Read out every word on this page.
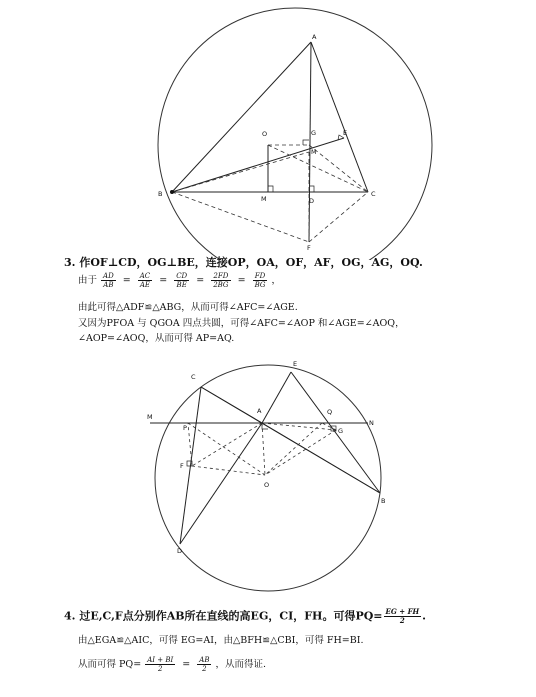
A
B	C
D
E
F
G
M
M
O
3. 作OF⊥CD，OG⊥BE，连接OP，OA，OF，AF，OG，AG，OQ.
由于 $\frac{AD}{AB} = \frac{AC}{AE} = \frac{CD}{BE} = \frac{2FD}{2BG} = \frac{FD}{BG}$ ，
由此可得△ADF≌△ABG，从而可得∠AFC=∠AGE.
又因为PFOA 与 QGOA 四点共圆，可得∠AFC=∠AOP 和∠AGE=∠AOQ，
∠AOP=∠AOQ，从而可得 AP=AQ.
M
N
A
B
C
D
E
F
G
O
P
Q
4. 过E,C,F点分别作AB所在直线的高EG，CI，FH。可得$PQ= \frac{EG + FH}{2}$ .
由△EGA≌△AIC，可得 EG=AI，由△BFH≌△CBI，可得 FH=BI.
从而可得 $PQ= \frac{AI + BI}{2} = \frac{AB}{2}$ ，从而得证.
